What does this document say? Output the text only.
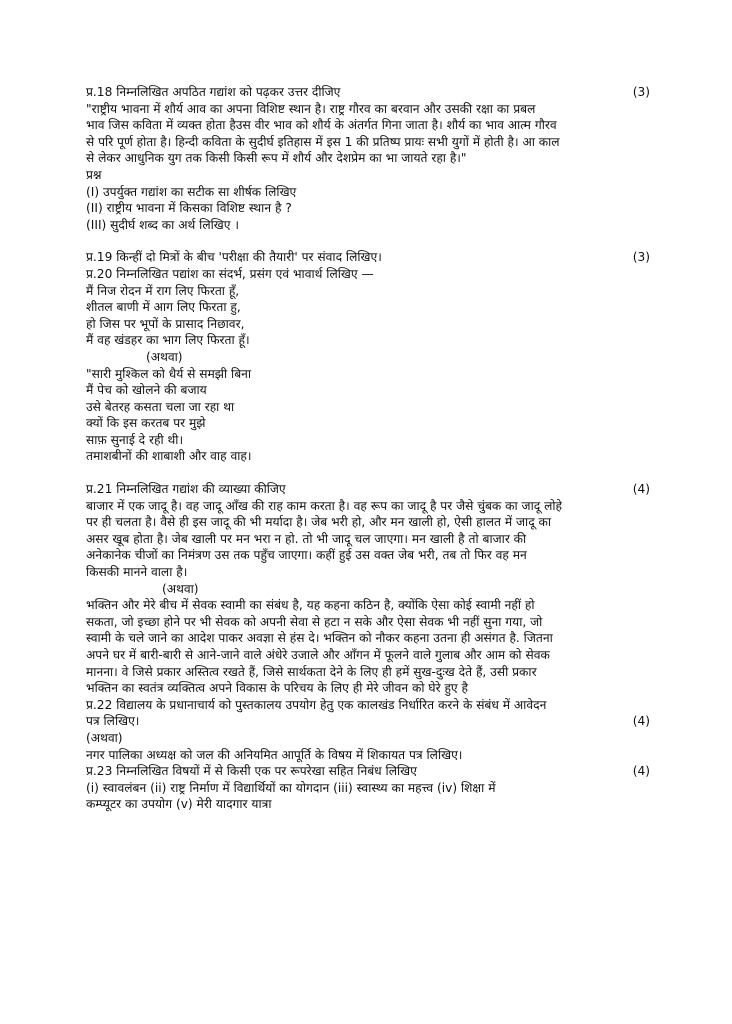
प्र.18 निम्नलिखित अपठित गद्यांश को पढ़कर उत्तर दीजिए	(3)
"राष्ट्रीय भावना में शौर्य आव का अपना विशिष्ट स्थान है। राष्ट्र गौरव का बरवान और उसकी रक्षा का प्रबल
भाव जिस कविता में व्यक्त होता हैउस वीर भाव को शौर्य के अंतर्गत गिना जाता है। शौर्य का भाव आत्म गौरव
से परि पूर्ण होता है। हिन्दी कविता के सुदीर्घ इतिहास में इस 1 की प्रतिष्प प्रायः सभी युगों में होती है। आ काल
से लेकर आधुनिक युग तक किसी किसी रूप में शौर्य और देशप्रेम का भा जायते रहा है।"
प्रश्न
(I) उपर्युक्त गद्यांश का सटीक सा शीर्षक लिखिए
(II) राष्ट्रीय भावना में किसका विशिष्ट स्थान है ?
(III) सुदीर्घ शब्द का अर्थ लिखिए ।
प्र.19 किन्हीं दो मित्रों के बीच 'परीक्षा की तैयारी' पर संवाद लिखिए।	(3)
प्र.20 निम्नलिखित पद्यांश का संदर्भ, प्रसंग एवं भावार्थ लिखिए —
मैं निज रोदन में राग लिए फिरता हूँ,
शीतल बाणी में आग लिए फिरता हु,
हो जिस पर भूपों के प्रासाद निछावर,
मैं वह खंडहर का भाग लिए फिरता हूँ।
(अथवा)
"सारी मुश्किल को धैर्य से समझी बिना
मैं पेच को खोलने की बजाय
उसे बेतरह कसता चला जा रहा था
क्यों कि इस करतब पर मुझे
साफ़ सुनाई दे रही थी।
तमाशबीनों की शाबाशी और वाह वाह।
प्र.21 निम्नलिखित गद्यांश की व्याख्या कीजिए	(4)
बाजार में एक जादू है। वह जादू आँख की राह काम करता है। वह रूप का जादू है पर जैसे चुंबक का जादू लोहे
पर ही चलता है। वैसे ही इस जादू की भी मर्यादा है। जेब भरी हो, और मन खाली हो, ऐसी हालत में जादू का
असर खूब होता है। जेब खाली पर मन भरा न हो. तो भी जादू चल जाएगा। मन खाली है तो बाजार की
अनेकानेक चीजों का निमंत्रण उस तक पहुँच जाएगा। कहीं हुई उस वक्त जेब भरी, तब तो फिर वह मन
किसकी मानने वाला है।
(अथवा)
भक्तिन और मेरे बीच में सेवक स्वामी का संबंध है, यह कहना कठिन है, क्योंकि ऐसा कोई स्वामी नहीं हो
सकता, जो इच्छा होने पर भी सेवक को अपनी सेवा से हटा न सके और ऐसा सेवक भी नहीं सुना गया, जो
स्वामी के चले जाने का आदेश पाकर अवज्ञा से हंस दे। भक्तिन को नौकर कहना उतना ही असंगत है. जितना
अपने घर में बारी-बारी से आने-जाने वाले अंधेरे उजाले और आँगन में फूलने वाले गुलाब और आम को सेवक
मानना। वे जिसे प्रकार अस्तित्व रखते हैं, जिसे सार्थकता देने के लिए ही हमें सुख-दुःख देते हैं, उसी प्रकार
भक्तिन का स्वतंत्र व्यक्तित्व अपने विकास के परिचय के लिए ही मेरे जीवन को घेरे हुए है
प्र.22 विद्यालय के प्रधानाचार्य को पुस्तकालय उपयोग हेतु एक कालखंड निर्धारित करने के संबंध में आवेदन
पत्र लिखिए।	(4)
(अथवा)
नगर पालिका अध्यक्ष को जल की अनियमित आपूर्ति के विषय में शिकायत पत्र लिखिए।
प्र.23 निम्नलिखित विषयों में से किसी एक पर रूपरेखा सहित निबंध लिखिए	(4)
(i) स्वावलंबन (ii) राष्ट्र निर्माण में विद्यार्थियों का योगदान (iii) स्वास्थ्य का महत्त्व (iv) शिक्षा में
कम्प्यूटर का उपयोग (v) मेरी यादगार यात्रा
